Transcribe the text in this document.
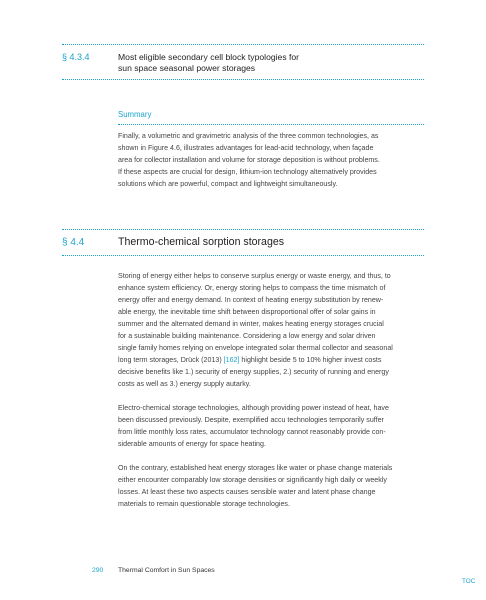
§ 4.3.4	Most eligible secondary cell block typologies for
sun space seasonal power storages
Summary
Finally, a volumetric and gravimetric analysis of the three common technologies, as
shown in Figure 4.6, illustrates advantages for lead-acid technology, when façade
area for collector installation and volume for storage deposition is without problems.
If these aspects are crucial for design, lithium-ion technology alternatively provides
solutions which are powerful, compact and lightweight simultaneously.
§ 4.4	Thermo-chemical sorption storages

Storing of energy either helps to conserve surplus energy or waste energy, and thus, to
enhance system efficiency. Or, energy storing helps to compass the time mismatch of
energy offer and energy demand. In context of heating energy substitution by renew-
able energy, the inevitable time shift between disproportional offer of solar gains in
summer and the alternated demand in winter, makes heating energy storages crucial
for a sustainable building maintenance. Considering a low energy and solar driven
single family homes relying on envelope integrated solar thermal collector and seasonal
long term storages, Drück (2013) [162] highlight beside 5 to 10% higher invest costs
decisive benefits like 1.) security of energy supplies, 2.) security of running and energy
costs as well as 3.) energy supply autarky.

Electro-chemical storage technologies, although providing power instead of heat, have
been discussed previously. Despite, exemplified accu technologies temporarily suffer
from little monthly loss rates, accumulator technology cannot reasonably provide con-
siderable amounts of energy for space heating.

On the contrary, established heat energy storages like water or phase change materials
either encounter comparably low storage densities or significantly high daily or weekly
losses. At least these two aspects causes sensible water and latent phase change
materials to remain questionable storage technologies.

290 Thermal Comfort in Sun Spaces
TOC
